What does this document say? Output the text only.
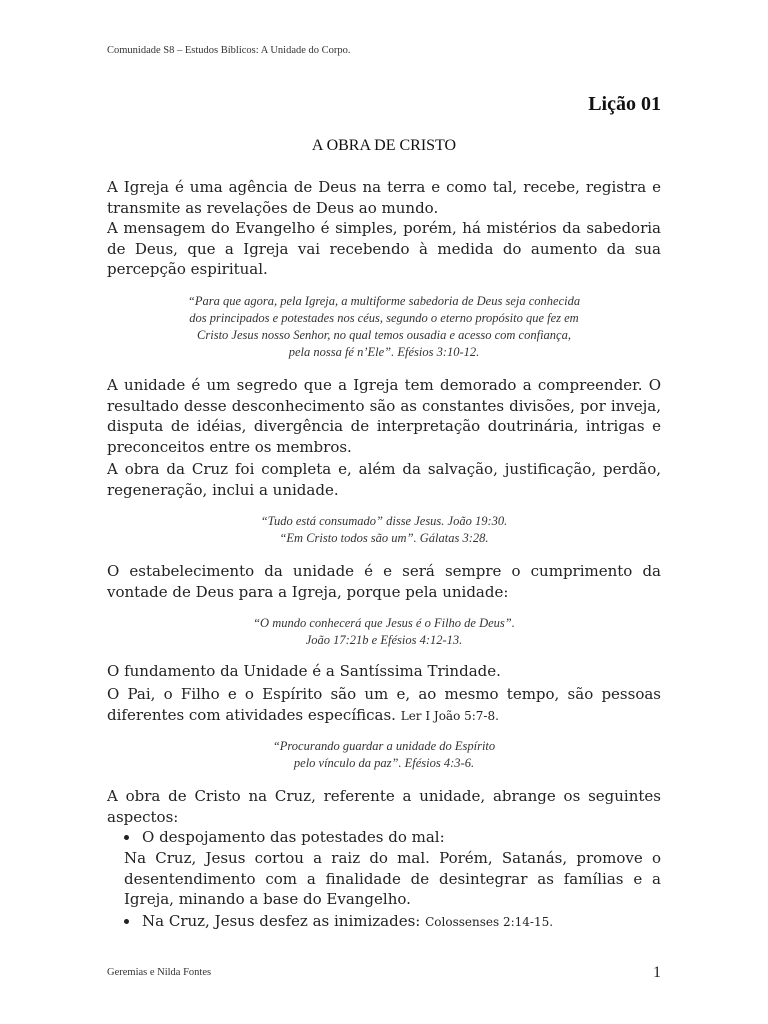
Comunidade S8 – Estudos Bíblicos: A Unidade do Corpo.
Lição 01
A OBRA DE CRISTO

A Igreja é uma agência de Deus na terra e como tal, recebe, registra e transmite as revelações de Deus ao mundo.

A mensagem do Evangelho é simples, porém, há mistérios da sabedoria de Deus, que a Igreja vai recebendo à medida do aumento da sua percepção espiritual.

“Para que agora, pela Igreja, a multiforme sabedoria de Deus seja conhecida
dos principados e potestades nos céus, segundo o eterno propósito que fez em
Cristo Jesus nosso Senhor, no qual temos ousadia e acesso com confiança,
pela nossa fé n’Ele”. Efésios 3:10-12.

A unidade é um segredo que a Igreja tem demorado a compreender. O resultado desse desconhecimento são as constantes divisões, por inveja, disputa de idéias, divergência de interpretação doutrinária, intrigas e preconceitos entre os membros.

A obra da Cruz foi completa e, além da salvação, justificação, perdão, regeneração, inclui a unidade.

“Tudo está consumado” disse Jesus. João 19:30.
“Em Cristo todos são um”. Gálatas 3:28.

O estabelecimento da unidade é e será sempre o cumprimento da vontade de Deus para a Igreja, porque pela unidade:

“O mundo conhecerá que Jesus é o Filho de Deus”.
João 17:21b e Efésios 4:12-13.

O fundamento da Unidade é a Santíssima Trindade.

O Pai, o Filho e o Espírito são um e, ao mesmo tempo, são pessoas diferentes com atividades específicas. Ler I João 5:7-8.

“Procurando guardar a unidade do Espírito
pelo vínculo da paz”. Efésios 4:3-6.

A obra de Cristo na Cruz, referente a unidade, abrange os seguintes aspectos:

O despojamento das potestades do mal:

Na Cruz, Jesus cortou a raiz do mal. Porém, Satanás, promove o desentendimento com a finalidade de desintegrar as famílias e a Igreja, minando a base do Evangelho.

Na Cruz, Jesus desfez as inimizades: Colossenses 2:14-15.
Geremias e Nilda Fontes	1
